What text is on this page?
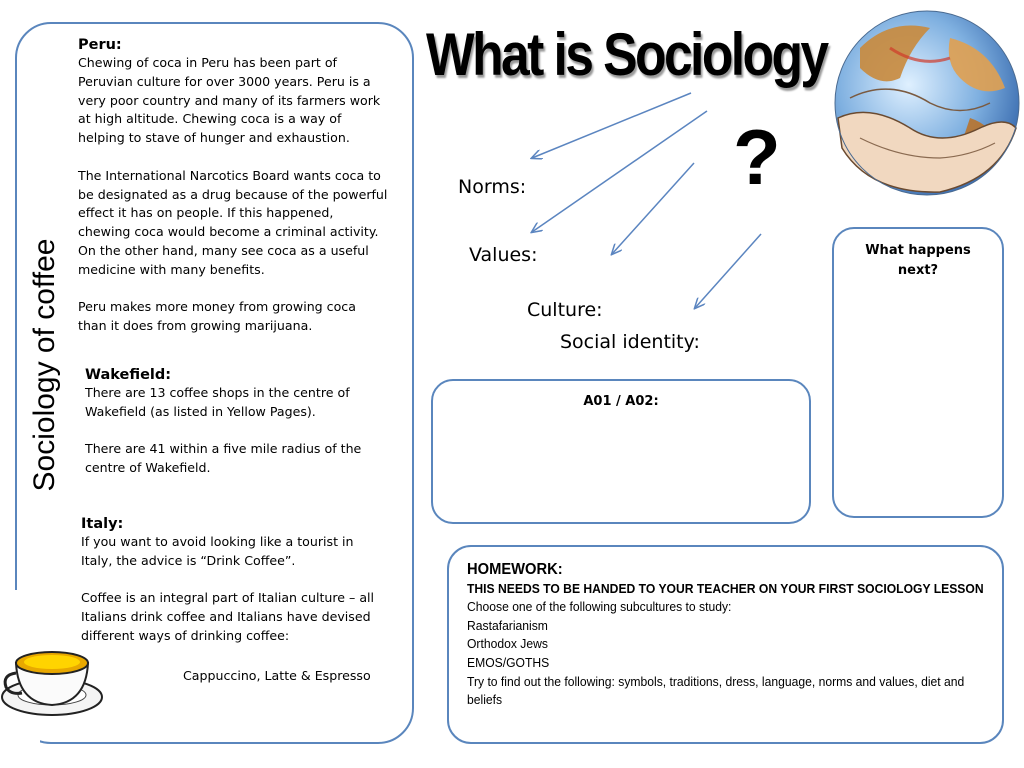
Sociology of coffee
Peru:

Chewing of coca in Peru has been part of Peruvian culture for over 3000 years. Peru is a very poor country and many of its farmers work at high altitude. Chewing coca is a way of helping to stave of hunger and exhaustion.

The International Narcotics Board wants coca to be designated as a drug because of the powerful effect it has on people. If this happened, chewing coca would become a criminal activity. On the other hand, many see coca as a useful medicine with many benefits.

Peru makes more money from growing coca than it does from growing marijuana.

Wakefield:

There are 13 coffee shops in the centre of Wakefield (as listed in Yellow Pages).

There are 41 within a five mile radius of the centre of Wakefield.

Italy:

If you want to avoid looking like a tourist in Italy, the advice is “Drink Coffee”.

Coffee is an integral part of Italian culture – all Italians drink coffee and Italians have devised different ways of drinking coffee:

Cappuccino, Latte & Espresso
What is Sociology
?
Norms:
Values:
Culture:
Social identity:
A01 / A02:
What happens next?
HOMEWORK:
THIS NEEDS TO BE HANDED TO YOUR TEACHER ON YOUR FIRST SOCIOLOGY LESSON
Choose one of the following subcultures to study:
Rastafarianism
Orthodox Jews
EMOS/GOTHS
Try to find out the following: symbols, traditions, dress, language, norms and values, diet and beliefs
